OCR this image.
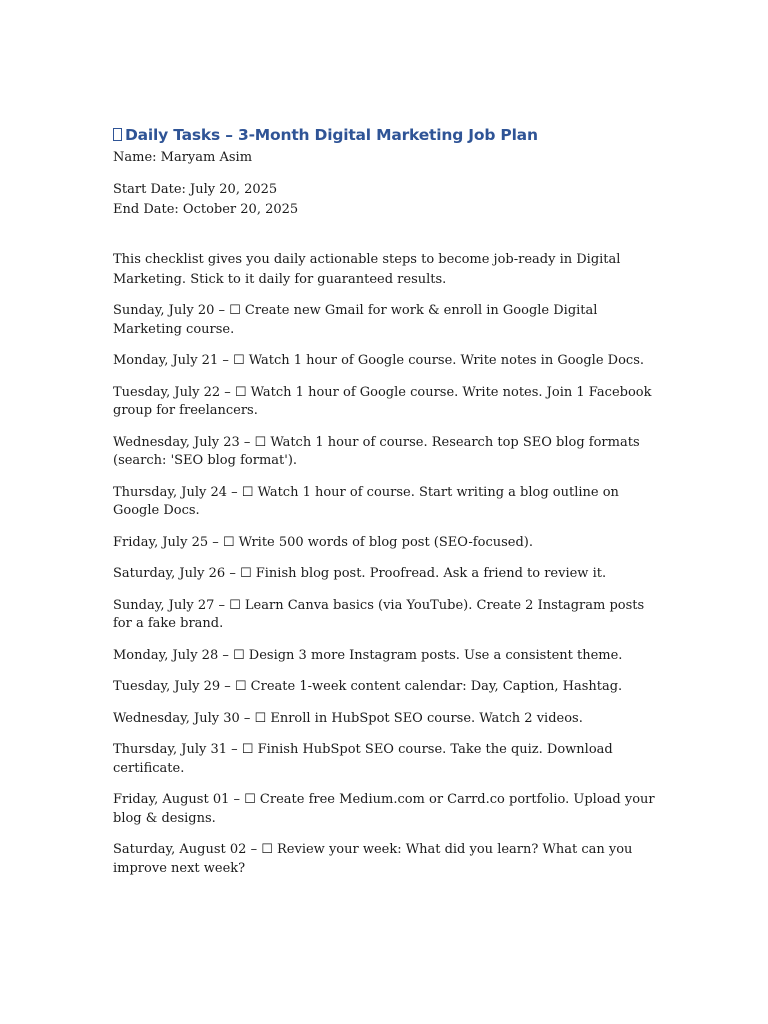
Daily Tasks – 3-Month Digital Marketing Job Plan

Name: Maryam Asim

Start Date: July 20, 2025

End Date: October 20, 2025

This checklist gives you daily actionable steps to become job-ready in Digital Marketing. Stick to it daily for guaranteed results.

Sunday, July 20 – ☐ Create new Gmail for work & enroll in Google Digital Marketing course.

Monday, July 21 – ☐ Watch 1 hour of Google course. Write notes in Google Docs.

Tuesday, July 22 – ☐ Watch 1 hour of Google course. Write notes. Join 1 Facebook group for freelancers.

Wednesday, July 23 – ☐ Watch 1 hour of course. Research top SEO blog formats (search: 'SEO blog format').

Thursday, July 24 – ☐ Watch 1 hour of course. Start writing a blog outline on Google Docs.

Friday, July 25 – ☐ Write 500 words of blog post (SEO-focused).

Saturday, July 26 – ☐ Finish blog post. Proofread. Ask a friend to review it.

Sunday, July 27 – ☐ Learn Canva basics (via YouTube). Create 2 Instagram posts for a fake brand.

Monday, July 28 – ☐ Design 3 more Instagram posts. Use a consistent theme.

Tuesday, July 29 – ☐ Create 1-week content calendar: Day, Caption, Hashtag.

Wednesday, July 30 – ☐ Enroll in HubSpot SEO course. Watch 2 videos.

Thursday, July 31 – ☐ Finish HubSpot SEO course. Take the quiz. Download certificate.

Friday, August 01 – ☐ Create free Medium.com or Carrd.co portfolio. Upload your blog & designs.

Saturday, August 02 – ☐ Review your week: What did you learn? What can you improve next week?
